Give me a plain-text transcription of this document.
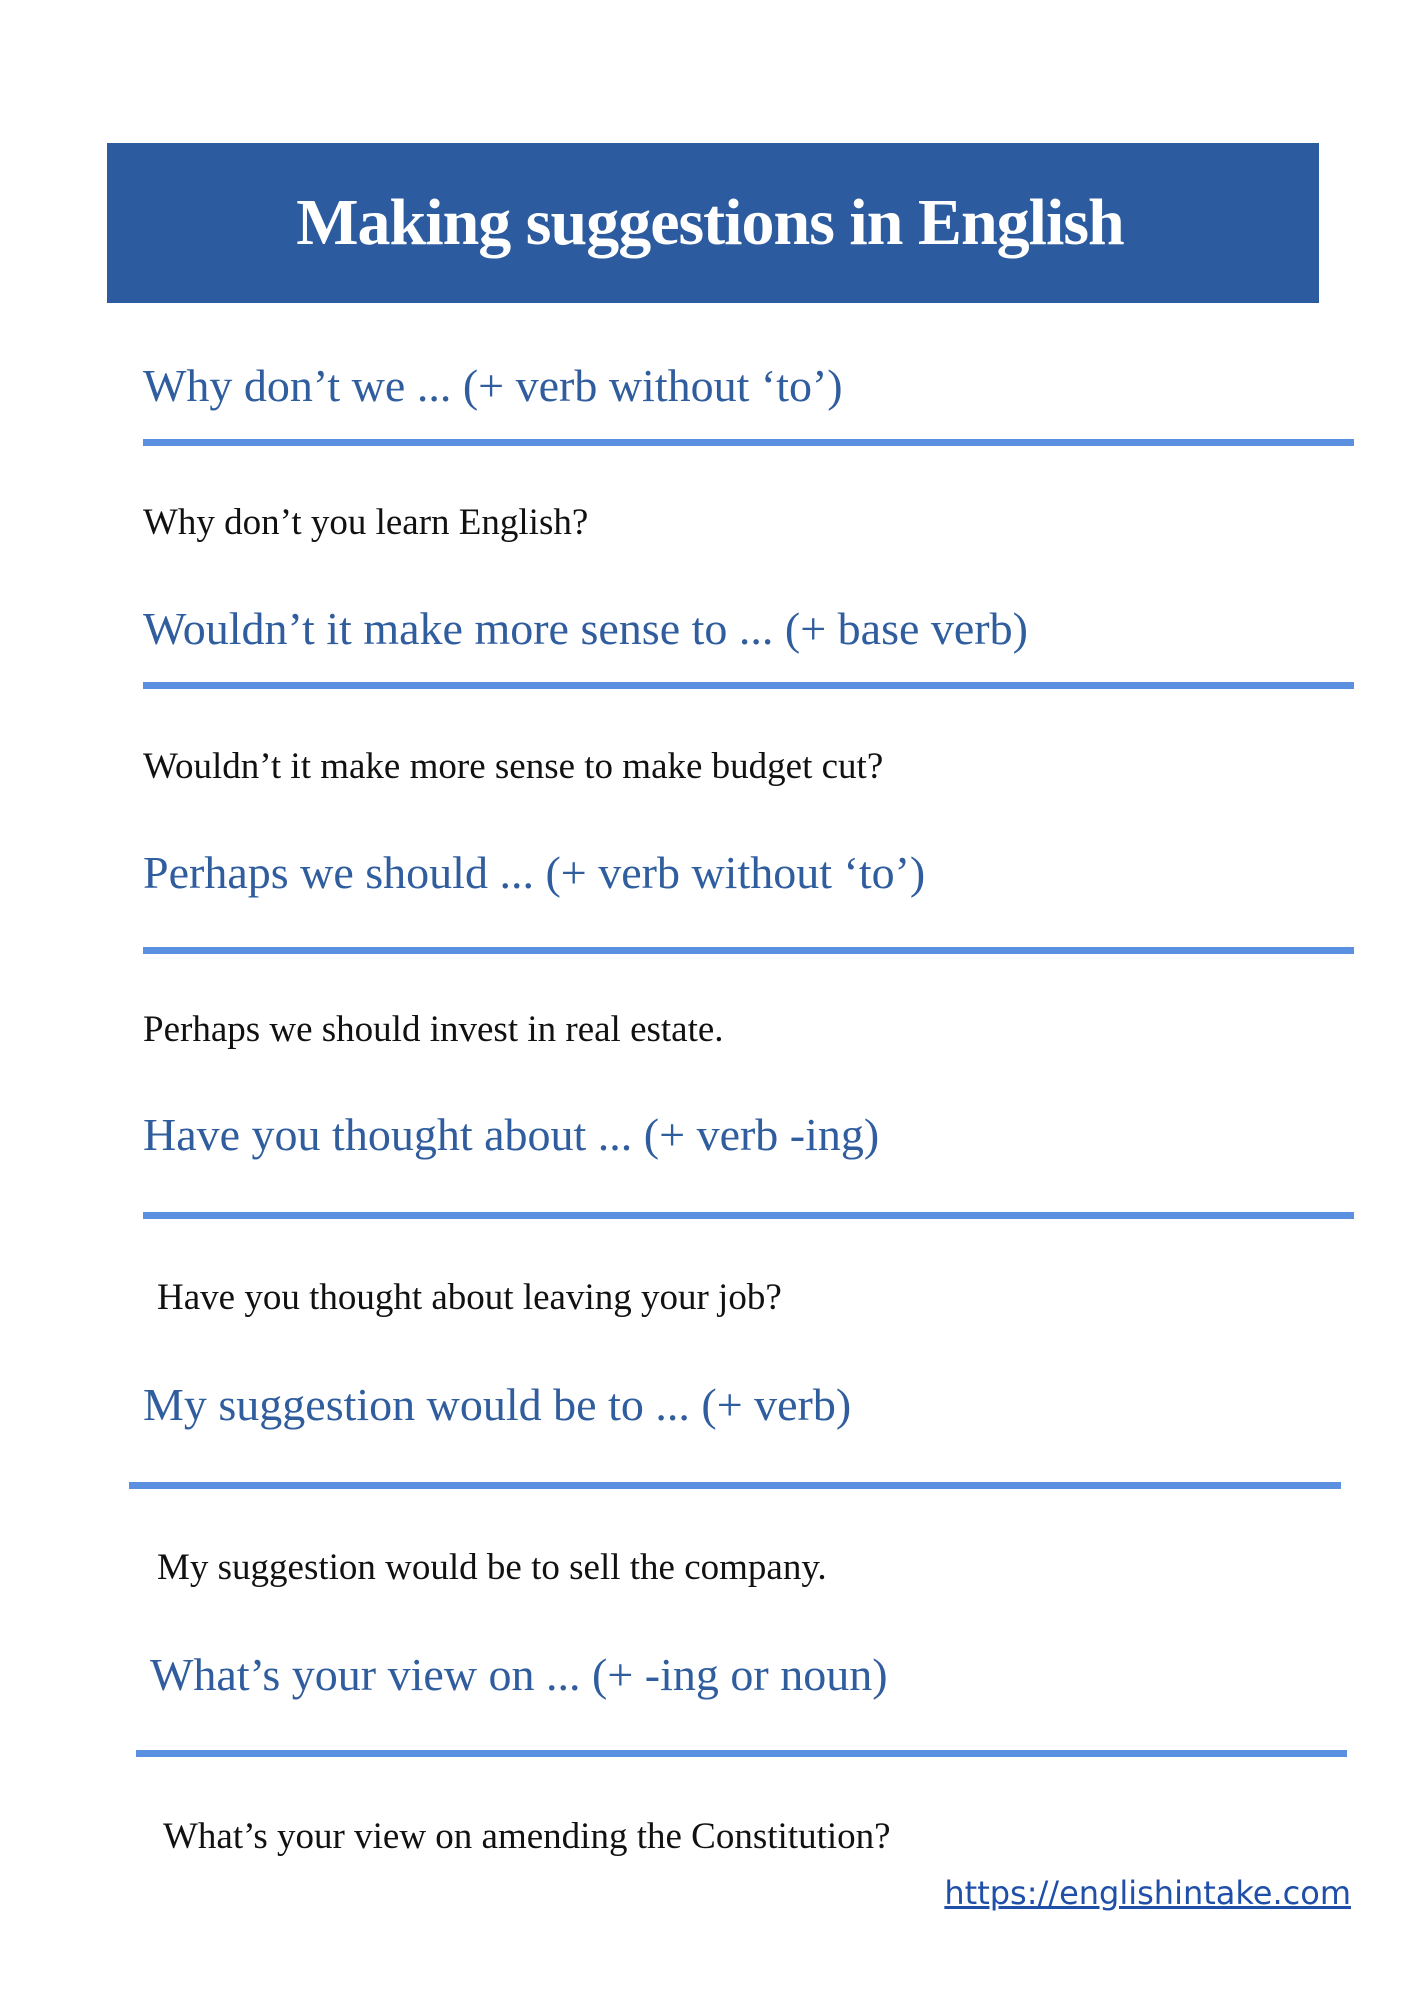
Making suggestions in English
Why don’t we ... (+ verb without ‘to’)
Why don’t you learn English?
Wouldn’t it make more sense to ... (+ base verb)
Wouldn’t it make more sense to make budget cut?
Perhaps we should ... (+ verb without ‘to’)
Perhaps we should invest in real estate.
Have you thought about ... (+ verb -ing)
Have you thought about leaving your job?
My suggestion would be to ... (+ verb)
My suggestion would be to sell the company.
What’s your view on ... (+ -ing or noun)
What’s your view on amending the Constitution?
https://englishintake.com
